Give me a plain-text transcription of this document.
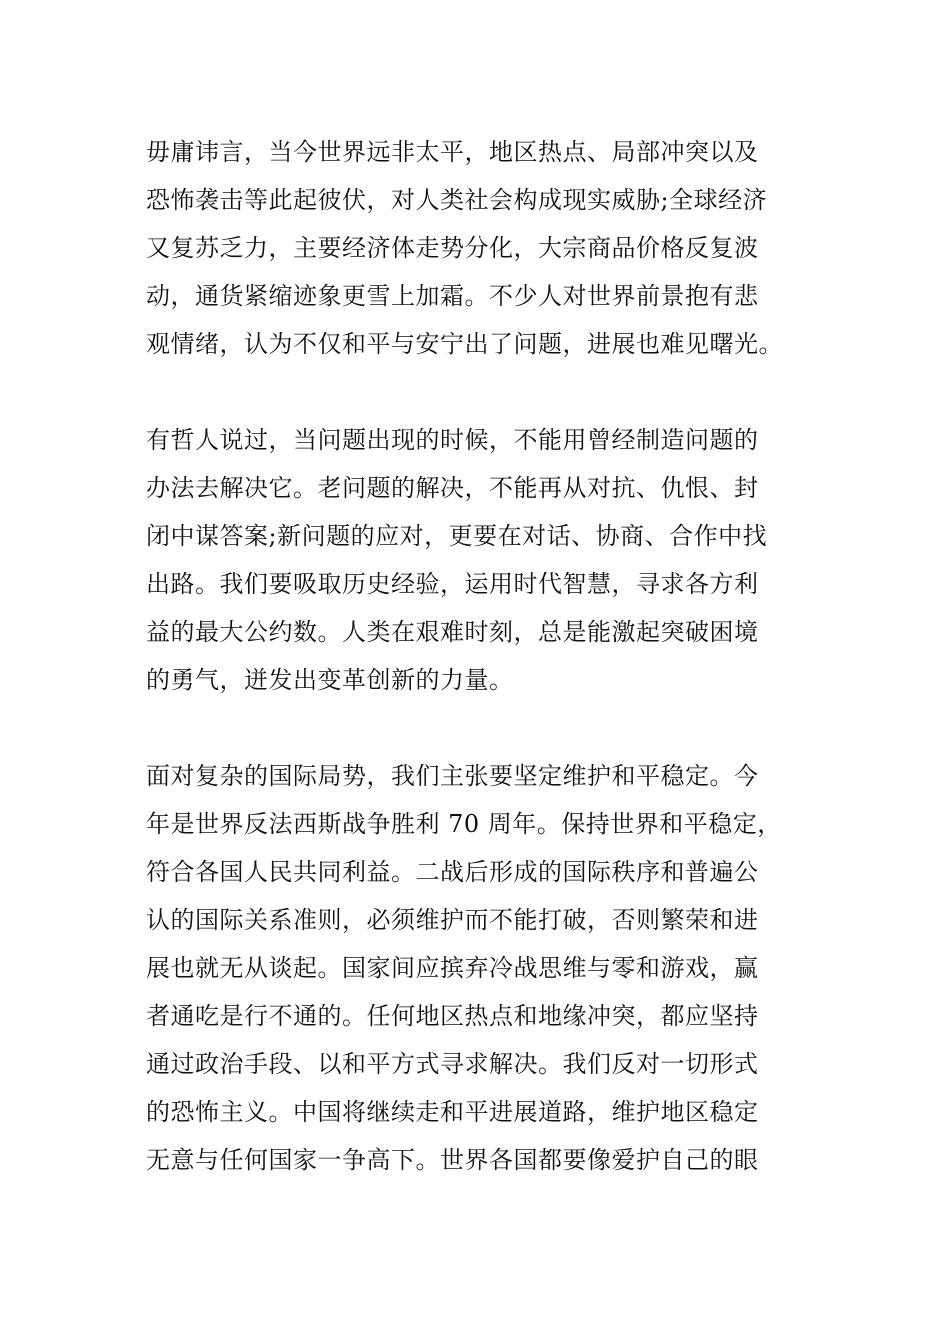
毋庸讳言，当今世界远非太平，地区热点、局部冲突以及
恐怖袭击等此起彼伏，对人类社会构成现实威胁;全球经济
又复苏乏力，主要经济体走势分化，大宗商品价格反复波
动，通货紧缩迹象更雪上加霜。不少人对世界前景抱有悲
观情绪，认为不仅和平与安宁出了问题，进展也难见曙光。
有哲人说过，当问题出现的时候，不能用曾经制造问题的
办法去解决它。老问题的解决，不能再从对抗、仇恨、封
闭中谋答案;新问题的应对，更要在对话、协商、合作中找
出路。我们要吸取历史经验，运用时代智慧，寻求各方利
益的最大公约数。人类在艰难时刻，总是能激起突破困境
的勇气，迸发出变革创新的力量。
面对复杂的国际局势，我们主张要坚定维护和平稳定。今
年是世界反法西斯战争胜利 70 周年。保持世界和平稳定，
符合各国人民共同利益。二战后形成的国际秩序和普遍公
认的国际关系准则，必须维护而不能打破，否则繁荣和进
展也就无从谈起。国家间应摈弃冷战思维与零和游戏，赢
者通吃是行不通的。任何地区热点和地缘冲突，都应坚持
通过政治手段、以和平方式寻求解决。我们反对一切形式
的恐怖主义。中国将继续走和平进展道路，维护地区稳定
无意与任何国家一争高下。世界各国都要像爱护自己的眼
